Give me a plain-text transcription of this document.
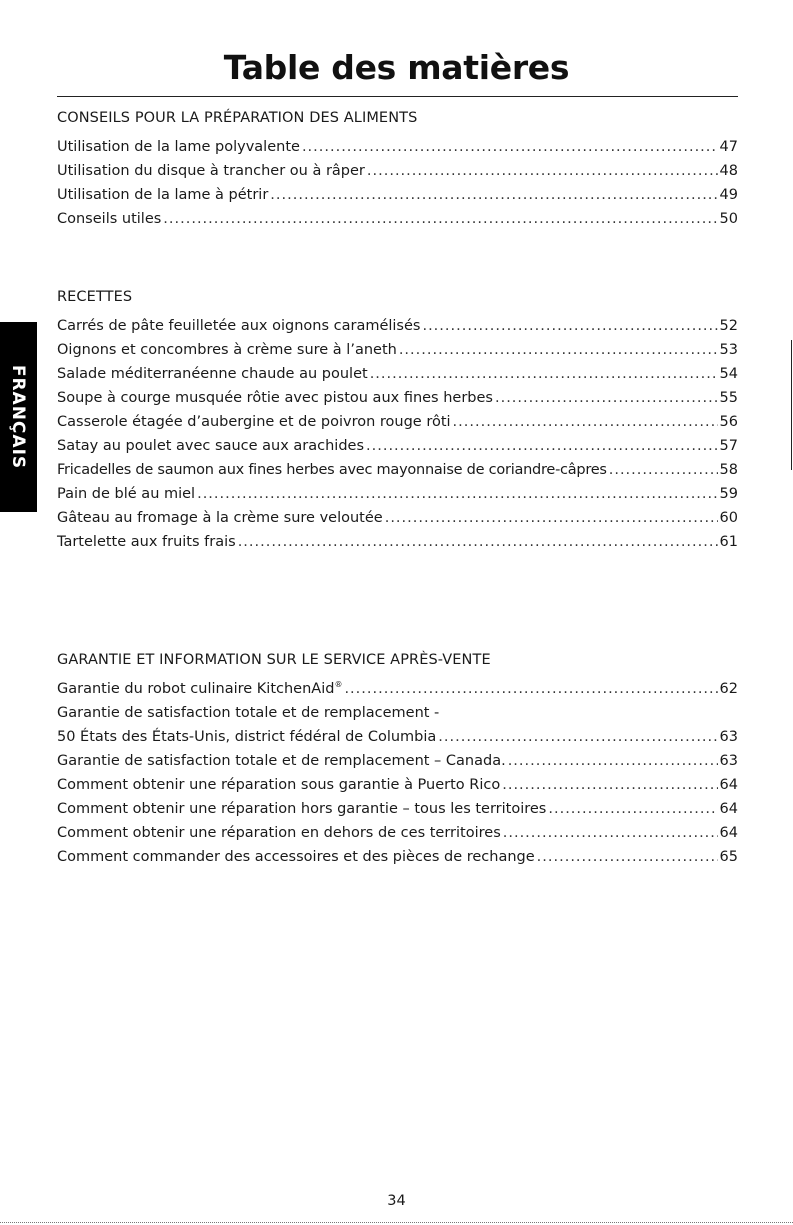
Table des matières
CONSEILS POUR LA PRÉPARATION DES ALIMENTS
Utilisation de la lame polyvalente .....	47
Utilisation du disque à trancher ou à râper .....	48
Utilisation de la lame à pétrir .....	49
Conseils utiles .....	50
RECETTES
Carrés de pâte feuilletée aux oignons caramélisés .....	52
Oignons et concombres à crème sure à l’aneth .....	53
Salade méditerranéenne chaude au poulet .....	54
Soupe à courge musquée rôtie avec pistou aux fines herbes .....	55
Casserole étagée d’aubergine et de poivron rouge rôti .....	56
Satay au poulet avec sauce aux arachides .....	57
Fricadelles de saumon aux fines herbes avec mayonnaise de coriandre-câpres .....	58
Pain de blé au miel .....	59
Gâteau au fromage à la crème sure veloutée .....	60
Tartelette aux fruits frais .....	61
GARANTIE ET INFORMATION SUR LE SERVICE APRÈS-VENTE
Garantie du robot culinaire KitchenAid® .....	62
Garantie de satisfaction totale et de remplacement -
50 États des États-Unis, district fédéral de Columbia .....	63
Garantie de satisfaction totale et de remplacement – Canada. .....	63
Comment obtenir une réparation sous garantie à Puerto Rico .....	64
Comment obtenir une réparation hors garantie – tous les territoires .....	64
Comment obtenir une réparation en dehors de ces territoires .....	64
Comment commander des accessoires et des pièces de rechange .....	65
FRANÇAIS
34
